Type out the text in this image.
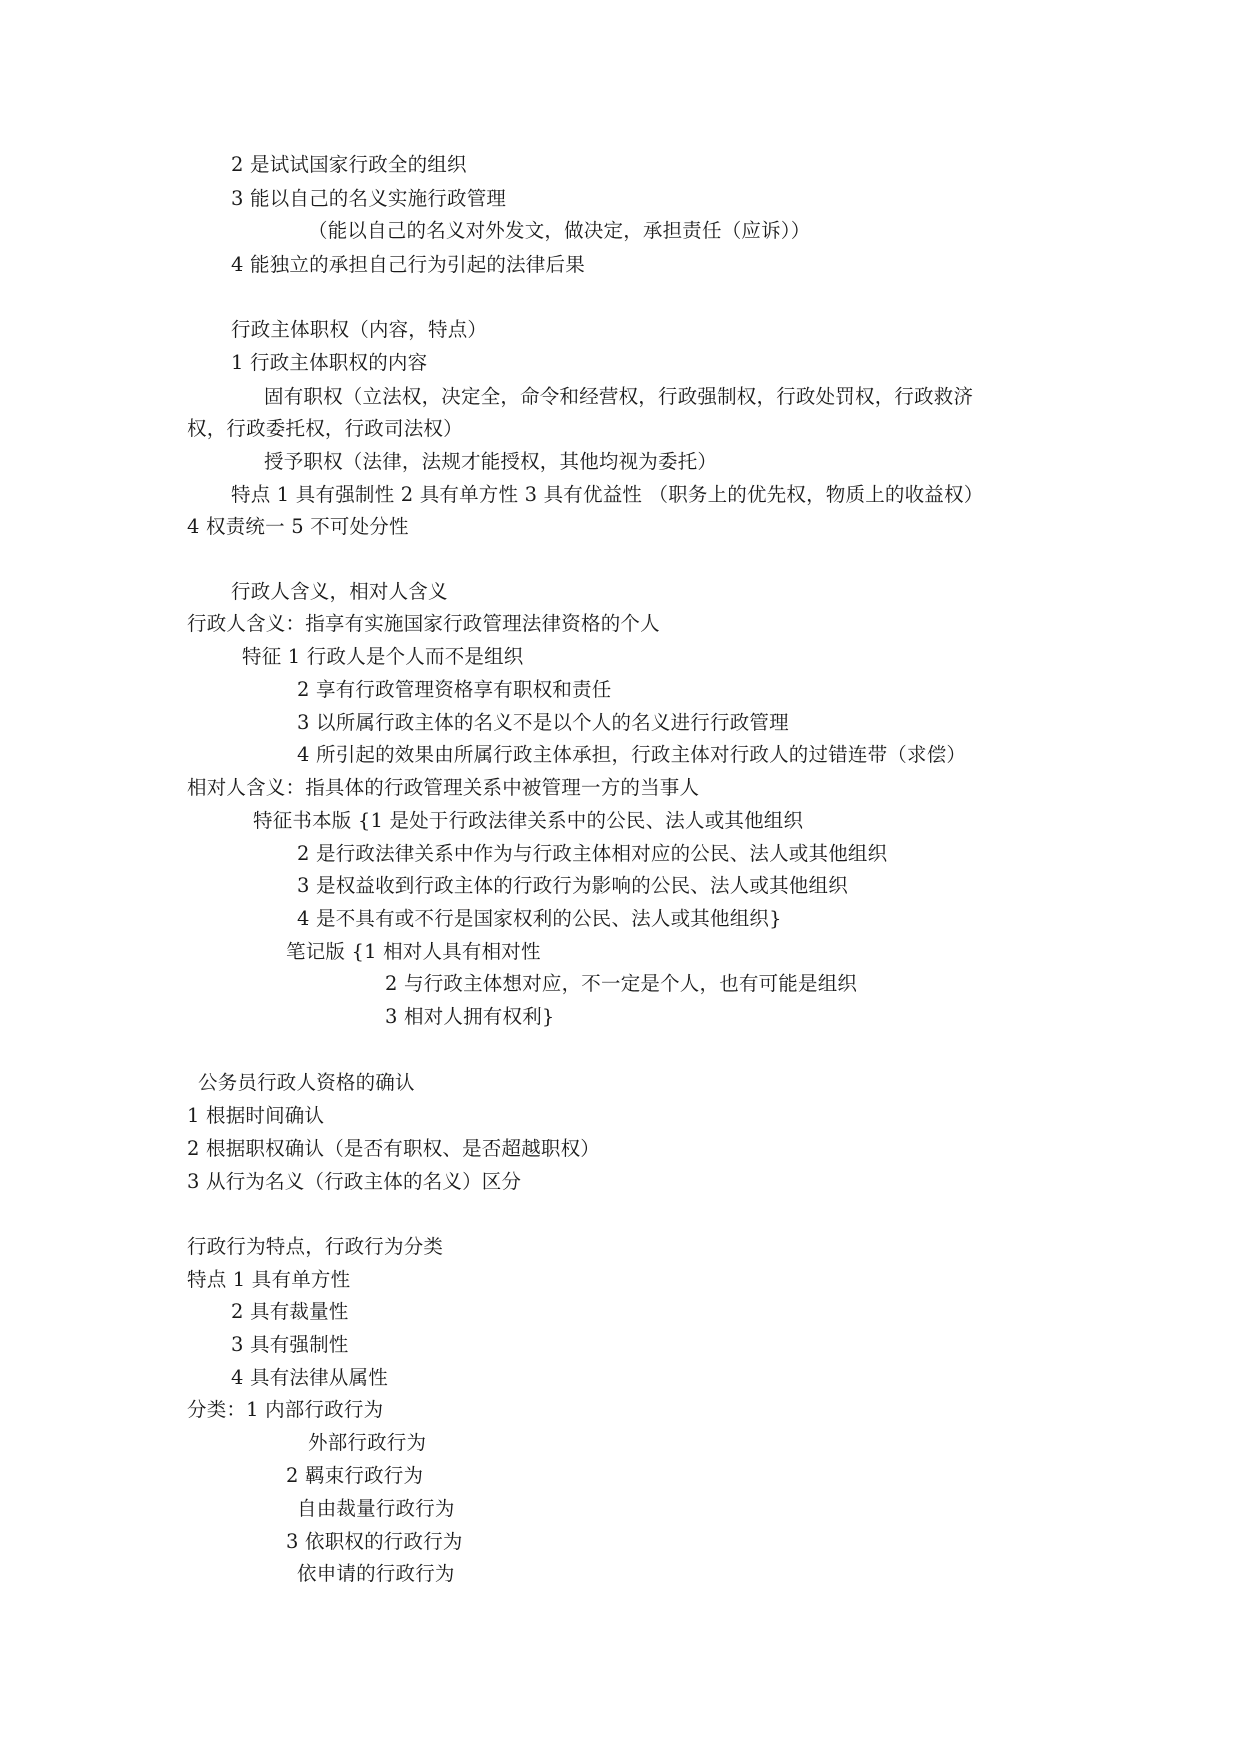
2 是试试国家行政全的组织
3 能以自己的名义实施行政管理
（能以自己的名义对外发文，做决定，承担责任（应诉））
4 能独立的承担自己行为引起的法律后果
行政主体职权（内容，特点）
1 行政主体职权的内容
固有职权（立法权，决定全，命令和经营权，行政强制权，行政处罚权，行政救济
权，行政委托权，行政司法权）
授予职权（法律，法规才能授权，其他均视为委托）
特点 1 具有强制性 2 具有单方性 3 具有优益性 （职务上的优先权，物质上的收益权）
4 权责统一 5 不可处分性
行政人含义，相对人含义
行政人含义：指享有实施国家行政管理法律资格的个人
特征 1 行政人是个人而不是组织
2 享有行政管理资格享有职权和责任
3 以所属行政主体的名义不是以个人的名义进行行政管理
4 所引起的效果由所属行政主体承担，行政主体对行政人的过错连带（求偿）
相对人含义：指具体的行政管理关系中被管理一方的当事人
特征书本版 {1 是处于行政法律关系中的公民、法人或其他组织
2 是行政法律关系中作为与行政主体相对应的公民、法人或其他组织
3 是权益收到行政主体的行政行为影响的公民、法人或其他组织
4 是不具有或不行是国家权利的公民、法人或其他组织}
笔记版 {1 相对人具有相对性
2 与行政主体想对应，不一定是个人，也有可能是组织
3 相对人拥有权利}
公务员行政人资格的确认
1 根据时间确认
2 根据职权确认（是否有职权、是否超越职权）
3 从行为名义（行政主体的名义）区分
行政行为特点，行政行为分类
特点 1 具有单方性
2 具有裁量性
3 具有强制性
4 具有法律从属性
分类：1 内部行政行为
外部行政行为
2 羁束行政行为
自由裁量行政行为
3 依职权的行政行为
依申请的行政行为
